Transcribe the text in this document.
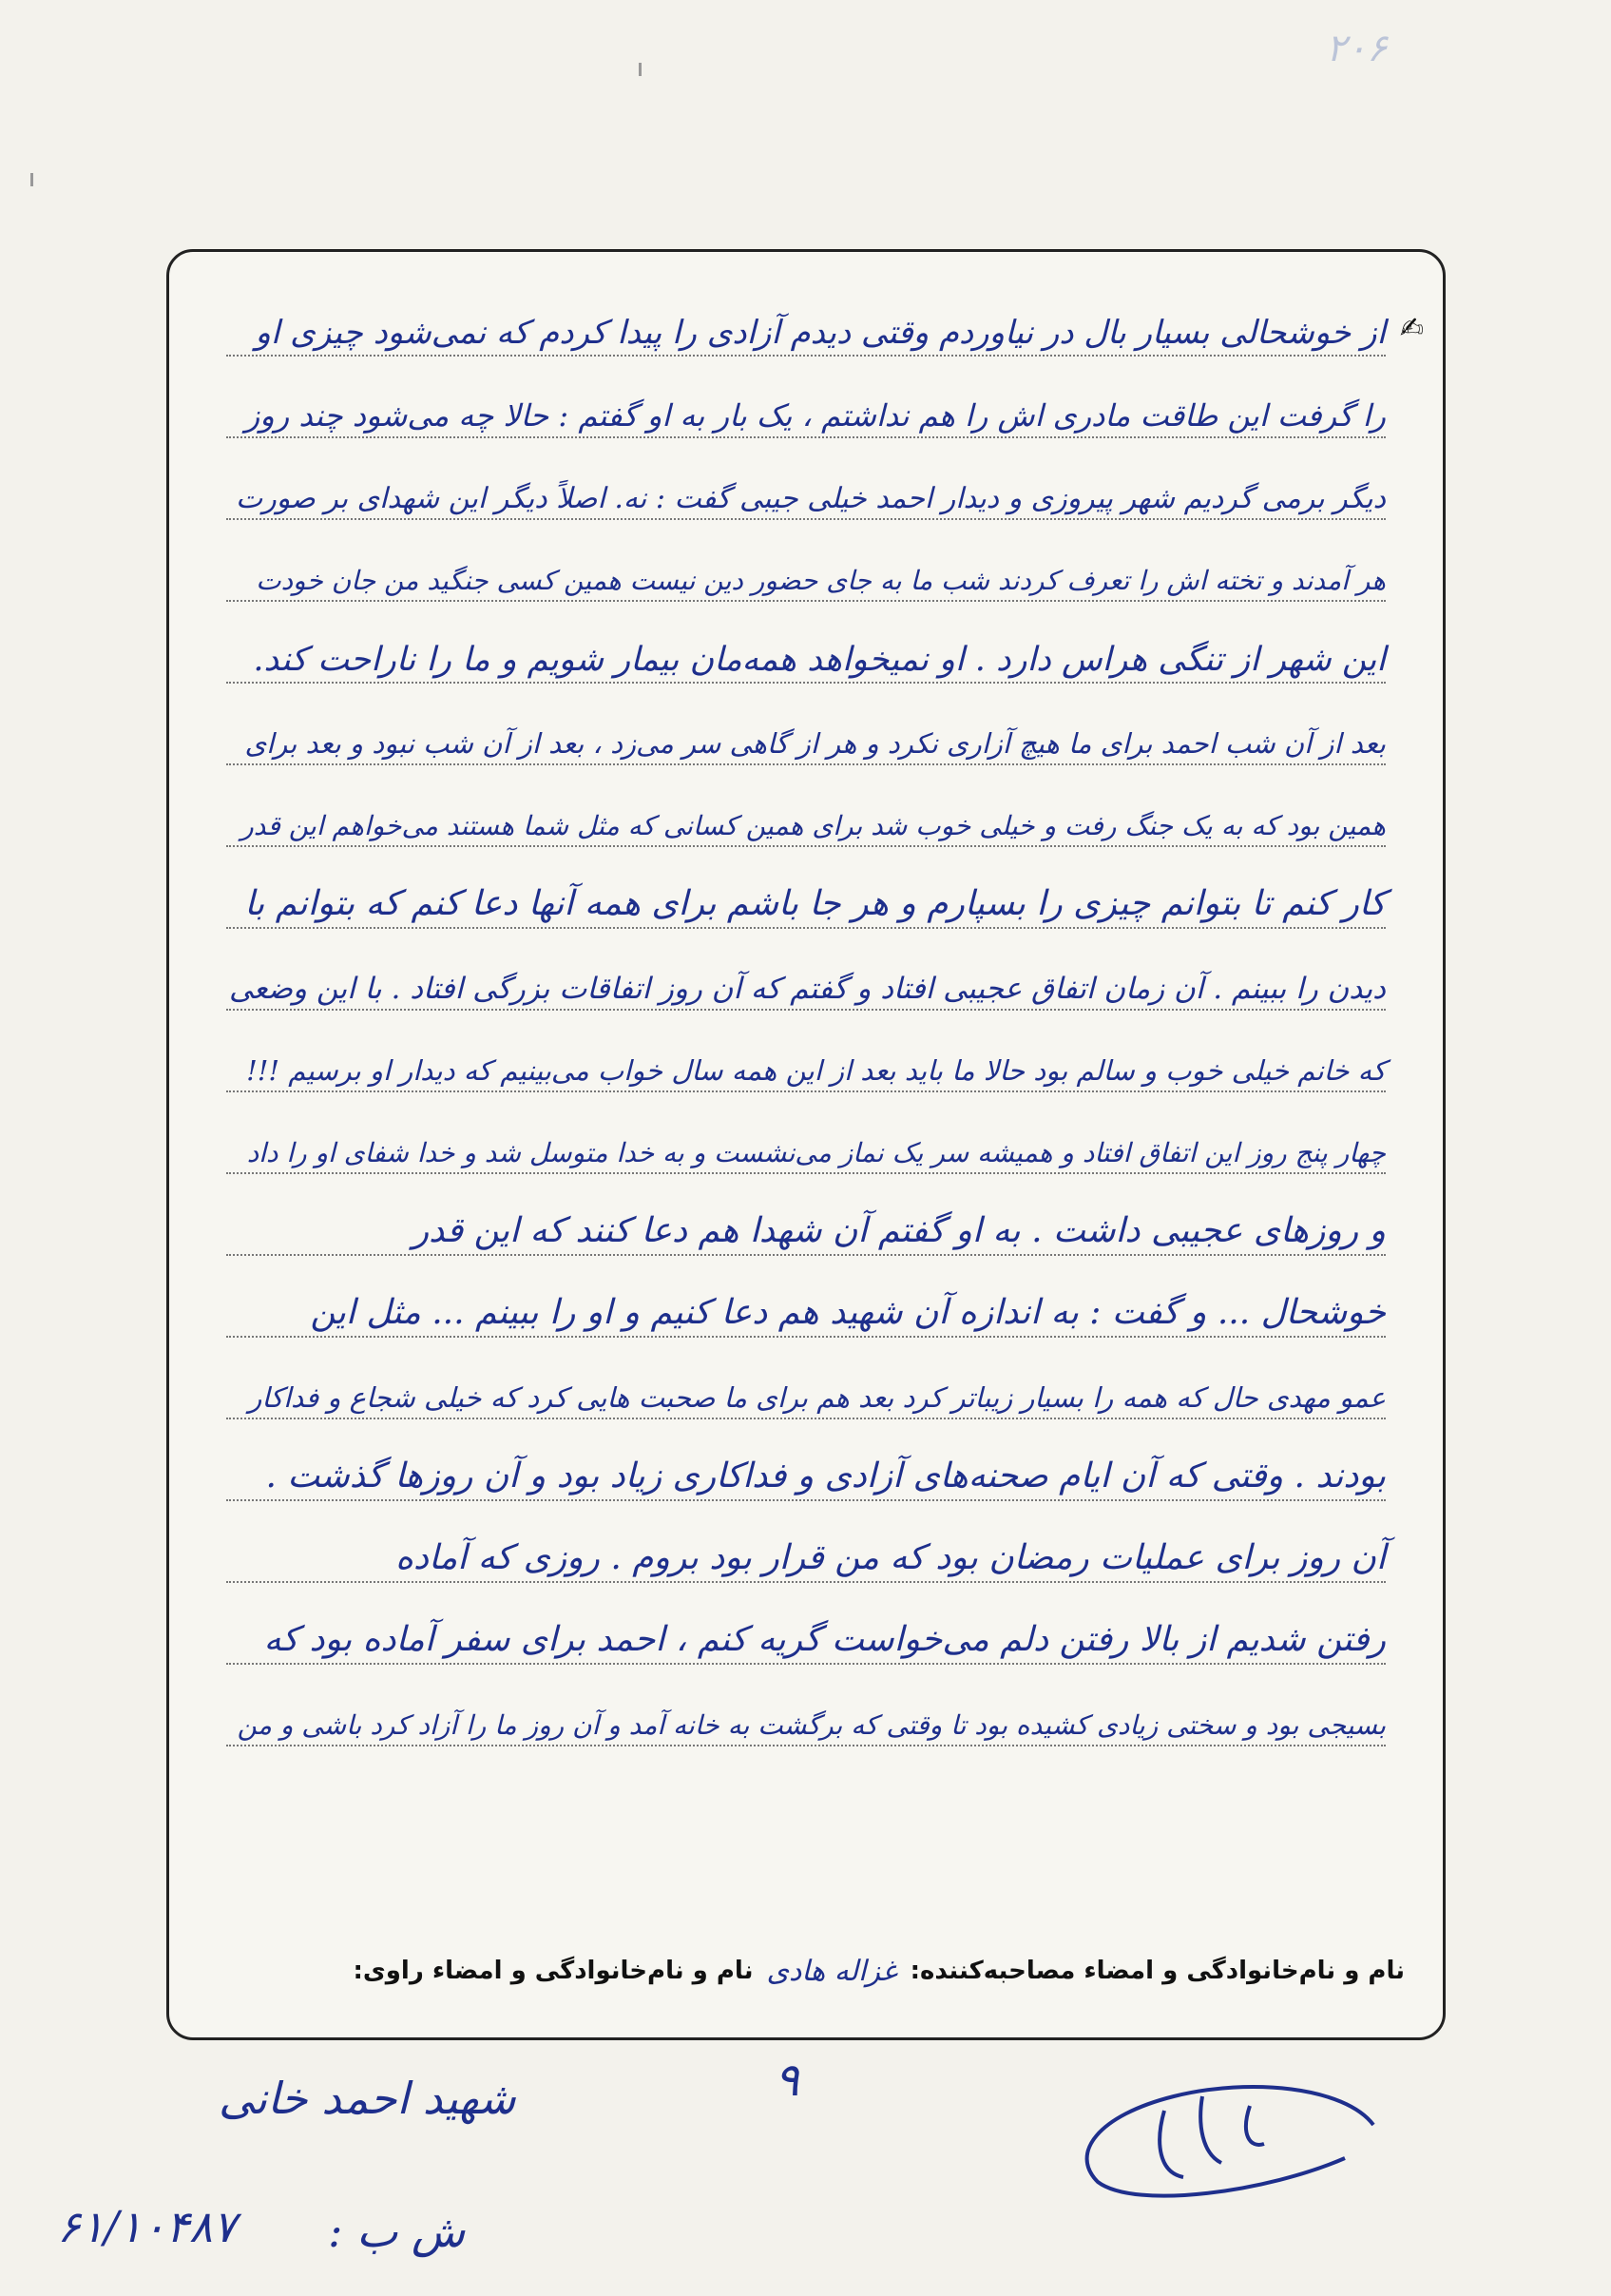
۲۰۶
از خوشحالی بسیار بال در نیاوردم وقتی دیدم آزادی را پیدا کردم که نمی‌شود چیزی او ✍
را گرفت این طاقت مادری اش را هم نداشتم ، یک بار به او گفتم : حالا چه می‌شود چند روز
دیگر برمی گردیم شهر پیروزی و دیدار احمد خیلی جیبی گفت : نه. اصلاً دیگر این شهدای بر صورت
هر آمدند و تخته اش را تعرف کردند شب ما به جای حضور دین نیست همین کسی جنگید من جان خودت
این شهر از تنگی هراس دارد . او نمیخواهد همه‌مان بیمار شویم و ما را ناراحت کند.
بعد از آن شب احمد برای ما هیچ آزاری نکرد و هر از گاهی سر می‌زد ، بعد از آن شب نبود و بعد برای
همین بود که به یک جنگ رفت و خیلی خوب شد برای همین کسانی که مثل شما هستند می‌خواهم این قدر
کار کنم تا بتوانم چیزی را بسپارم و هر جا باشم برای همه آنها دعا کنم که بتوانم با
دیدن را ببینم . آن زمان اتفاق عجیبی افتاد و گفتم که آن روز اتفاقات بزرگی افتاد . با این وضعی
که خانم خیلی خوب و سالم بود حالا ما باید بعد از این همه سال خواب می‌بینیم که دیدار او برسیم !!!
چهار پنج روز این اتفاق افتاد و همیشه سر یک نماز می‌نشست و به خدا متوسل شد و خدا شفای او را داد
و روزهای عجیبی داشت . به او گفتم آن شهدا هم دعا کنند که این قدر
خوشحال ... و گفت : به اندازه آن شهید هم دعا کنیم و او را ببینم ... مثل این
عمو مهدی حال که همه را بسیار زیباتر کرد بعد هم برای ما صحبت هایی کرد که خیلی شجاع و فداکار
بودند . وقتی که آن ایام صحنه‌های آزادی و فداکاری زیاد بود و آن روزها گذشت .
آن روز برای عملیات رمضان بود که من قرار بود بروم . روزی که آماده
رفتن شدیم از بالا رفتن دلم می‌خواست گریه کنم ، احمد برای سفر آماده بود که
بسیجی بود و سختی زیادی کشیده بود تا وقتی که برگشت به خانه آمد و آن روز ما را آزاد کرد باشی و من
نام و نام‌خانوادگی و امضاء مصاحبه‌کننده:
غزاله هادی
نام و نام‌خانوادگی و امضاء راوی:
۹
شهید احمد خانی
ش ب :
۶۱/۱۰۴۸۷
